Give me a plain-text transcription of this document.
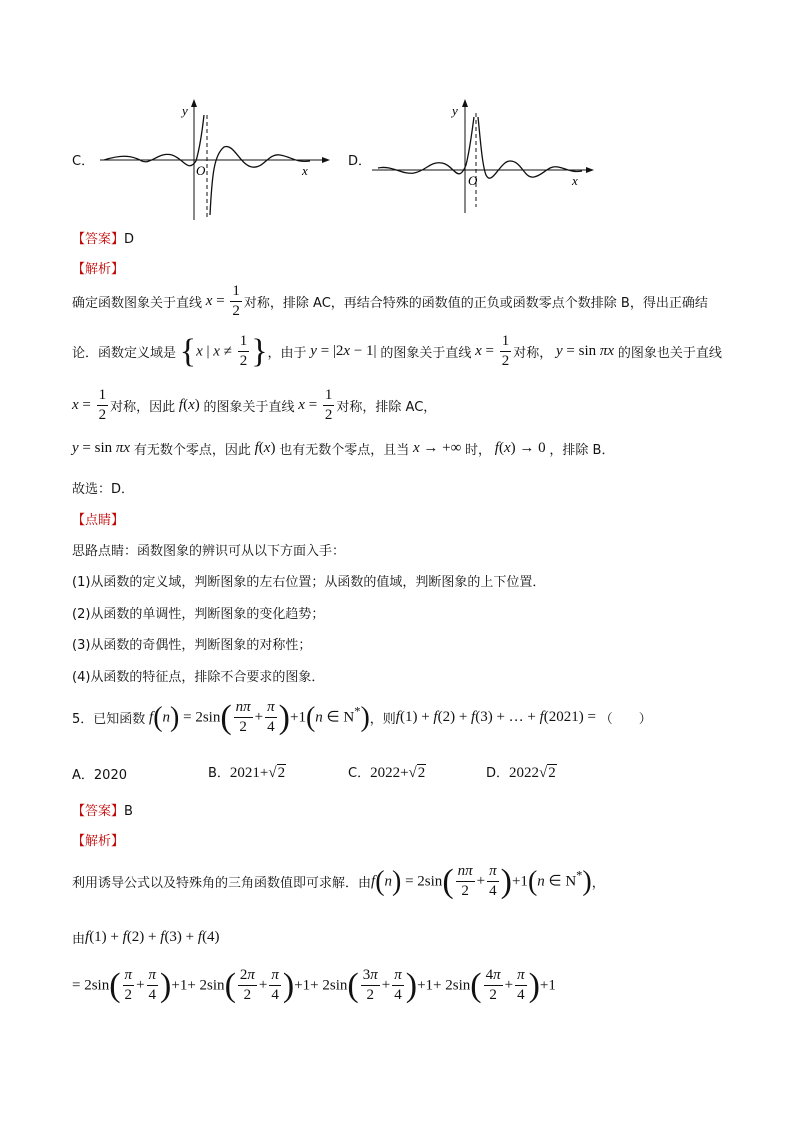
C．
y
x
O
D．
y
x
O
【答案】D
【解析】
确定函数图象关于直线 $x = \frac{1}{2}$ 对称，排除 AC，再结合特殊的函数值的正负或函数零点个数排除 B，得出正确结
论．函数定义域是 {x | $x \ne \frac{1}{2}$ } ，由于 y = |2x − 1| 的图象关于直线 $x = \frac{1}{2}$ 对称， y = sin πx 的图象也关于直线
$x = \frac{1}{2}$ 对称，因此 f(x) 的图象关于直线 $x = \frac{1}{2}$ 对称，排除 AC，
y = sin πx 有无数个零点，因此 f(x) 也有无数个零点，且当 x → +∞ 时， f(x) → 0 ，排除 B．
故选：D．
【点睛】
思路点睛：函数图象的辨识可从以下方面入手：
(1)从函数的定义域，判断图象的左右位置；从函数的值域，判断图象的上下位置．
(2)从函数的单调性，判断图象的变化趋势；
(3)从函数的奇偶性，判断图象的对称性；
(4)从函数的特征点，排除不合要求的图象．
5．已知函数 $f(n) = 2\sin( \frac{n\pi}{2} + \frac{\pi}{4} )+1(n$ ∈ N*) ，则 f(1) + f(2) + f(3) + … + f(2021) = （　　）
A．2020	B．2021+√2	C．2022+√2	D．2022√2
【答案】B
【解析】
利用诱导公式以及特殊角的三角函数值即可求解．由 $f(n) = 2\sin( \frac{n\pi}{2} + \frac{\pi}{4} )+1(n$ ∈ N*) ，
由 f(1) + f(2) + f(3) + f(4)
= $2\sin( \frac{\pi}{2} + \frac{\pi}{4} )+1+ 2\sin( \frac{2\pi}{2} + \frac{\pi}{4} )+1+ 2\sin( \frac{3\pi}{2} + \frac{\pi}{4} )+1+ 2\sin( \frac{4\pi}{2} + \frac{\pi}{4} )+1$
